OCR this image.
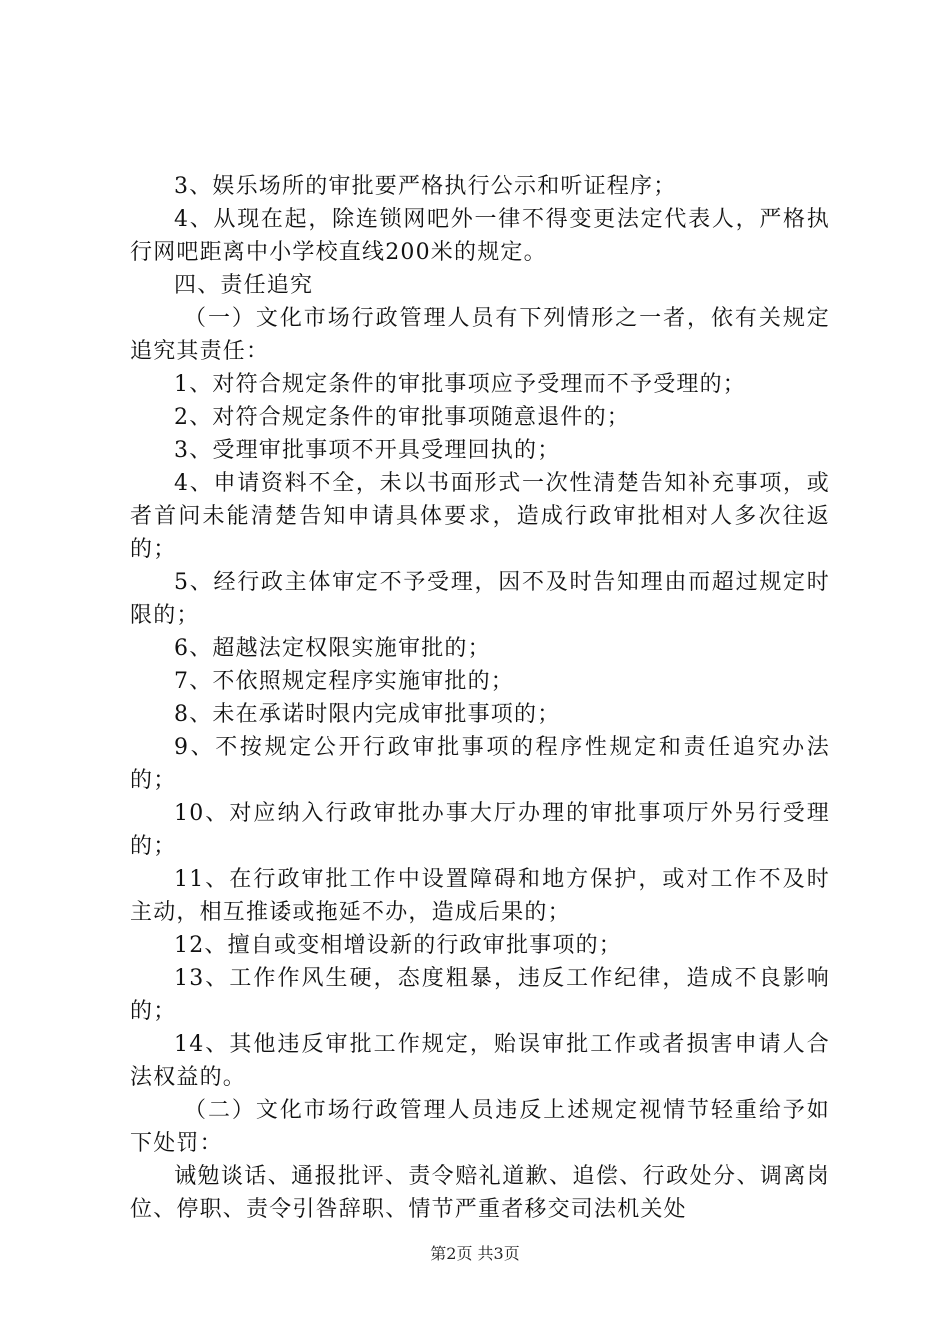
3、娱乐场所的审批要严格执行公示和听证程序；

4、从现在起，除连锁网吧外一律不得变更法定代表人，严格执行网吧距离中小学校直线200米的规定。

四、责任追究

（一）文化市场行政管理人员有下列情形之一者，依有关规定追究其责任：

1、对符合规定条件的审批事项应予受理而不予受理的；

2、对符合规定条件的审批事项随意退件的；

3、受理审批事项不开具受理回执的；

4、申请资料不全，未以书面形式一次性清楚告知补充事项，或者首问未能清楚告知申请具体要求，造成行政审批相对人多次往返的；

5、经行政主体审定不予受理，因不及时告知理由而超过规定时限的；

6、超越法定权限实施审批的；

7、不依照规定程序实施审批的；

8、未在承诺时限内完成审批事项的；

9、不按规定公开行政审批事项的程序性规定和责任追究办法的；

10、对应纳入行政审批办事大厅办理的审批事项厅外另行受理的；

11、在行政审批工作中设置障碍和地方保护，或对工作不及时主动，相互推诿或拖延不办，造成后果的；

12、擅自或变相增设新的行政审批事项的；

13、工作作风生硬，态度粗暴，违反工作纪律，造成不良影响的；

14、其他违反审批工作规定，贻误审批工作或者损害申请人合法权益的。

（二）文化市场行政管理人员违反上述规定视情节轻重给予如下处罚：

诫勉谈话、通报批评、责令赔礼道歉、追偿、行政处分、调离岗位、停职、责令引咎辞职、情节严重者移交司法机关处

第2页 共3页
